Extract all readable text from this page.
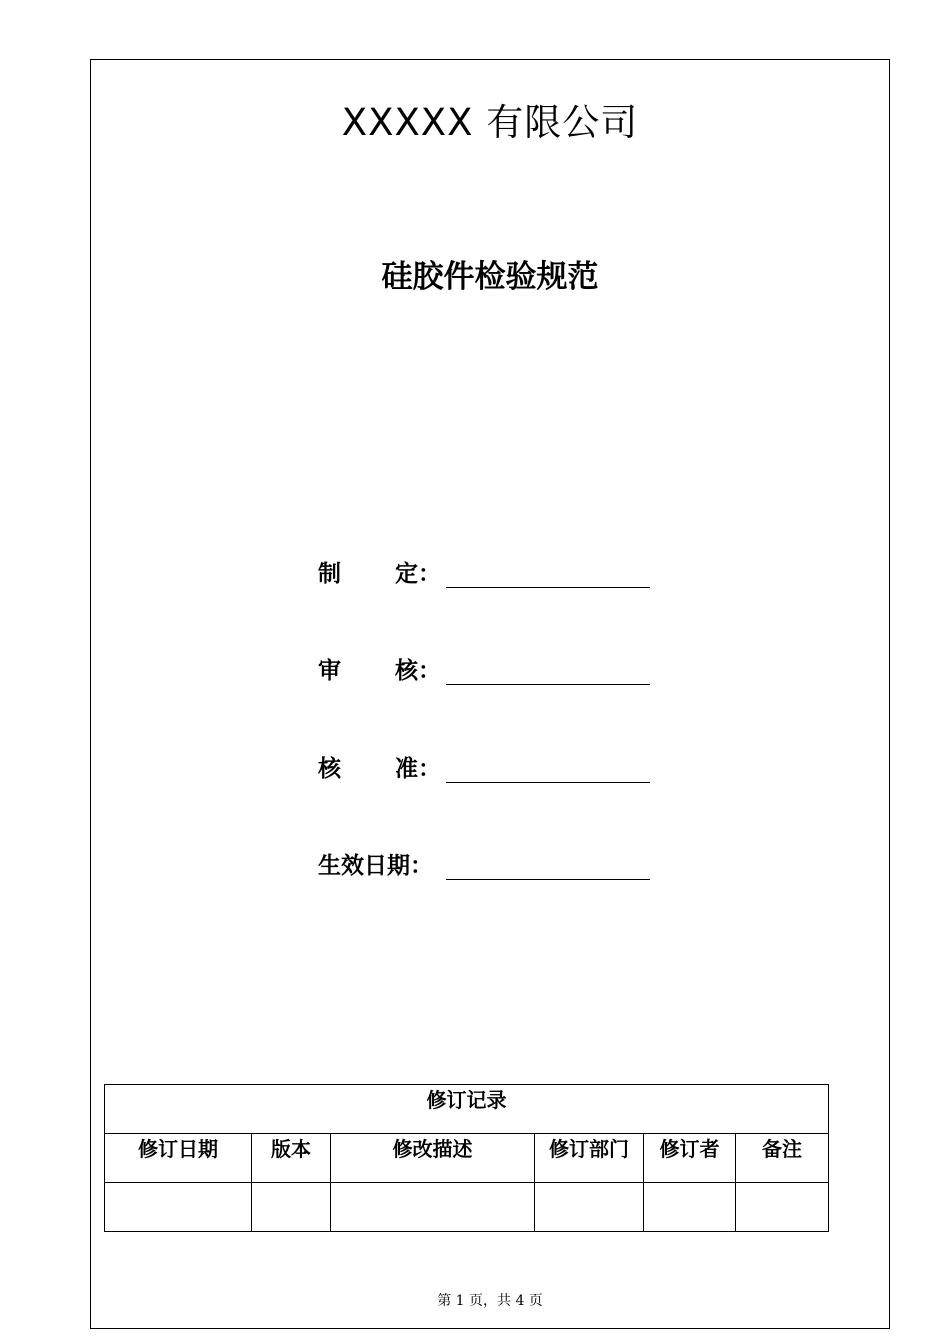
XXXXX 有限公司
硅胶件检验规范
制 定：
审 核：
核 准：
生效日期：
修订记录					
修订日期	版本	修改描述	修订部门	修订者	备注

第 1 页，共 4 页
